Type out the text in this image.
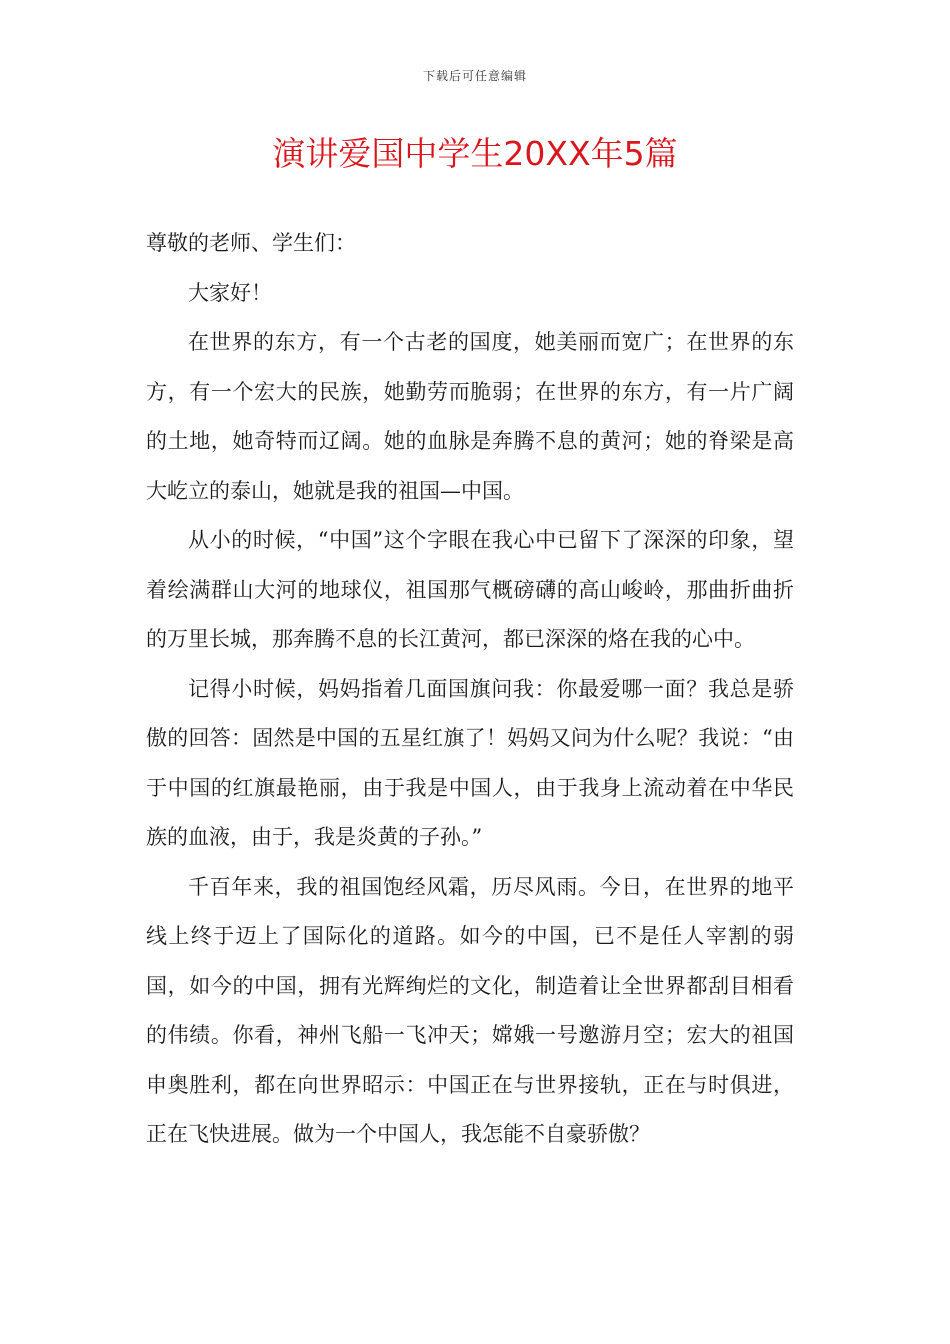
下载后可任意编辑
演讲爱国中学生20XX年5篇

尊敬的老师、学生们：

大家好！

在世界的东方，有一个古老的国度，她美丽而宽广；在世界的东方，有一个宏大的民族，她勤劳而脆弱；在世界的东方，有一片广阔的土地，她奇特而辽阔。她的血脉是奔腾不息的黄河；她的脊梁是高大屹立的泰山，她就是我的祖国—中国。

从小的时候，“中国”这个字眼在我心中已留下了深深的印象，望着绘满群山大河的地球仪，祖国那气概磅礴的高山峻岭，那曲折曲折的万里长城，那奔腾不息的长江黄河，都已深深的烙在我的心中。

记得小时候，妈妈指着几面国旗问我：你最爱哪一面？我总是骄傲的回答：固然是中国的五星红旗了！妈妈又问为什么呢？我说：“由于中国的红旗最艳丽，由于我是中国人，由于我身上流动着在中华民族的血液，由于，我是炎黄的子孙。”

千百年来，我的祖国饱经风霜，历尽风雨。今日，在世界的地平线上终于迈上了国际化的道路。如今的中国，已不是任人宰割的弱国，如今的中国，拥有光辉绚烂的文化，制造着让全世界都刮目相看的伟绩。你看，神州飞船一飞冲天；嫦娥一号邀游月空；宏大的祖国申奥胜利，都在向世界昭示：中国正在与世界接轨，正在与时俱进，正在飞快进展。做为一个中国人，我怎能不自豪骄傲？
